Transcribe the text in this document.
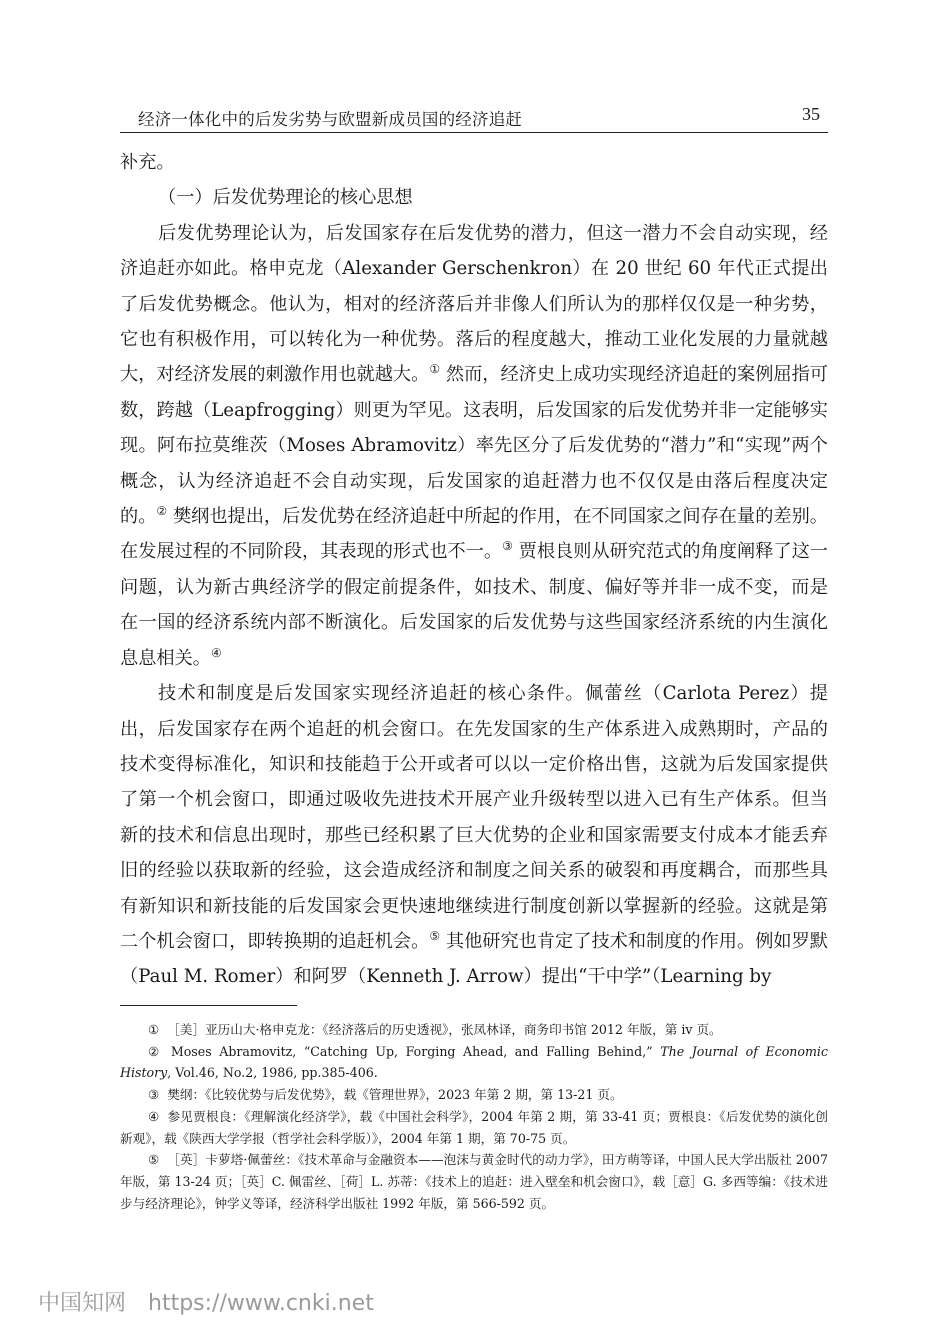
经济一体化中的后发劣势与欧盟新成员国的经济追赶	35

补充。

（一）后发优势理论的核心思想

后发优势理论认为，后发国家存在后发优势的潜力，但这一潜力不会自动实现，经济追赶亦如此。格申克龙（Alexander Gerschenkron）在 20 世纪 60 年代正式提出了后发优势概念。他认为，相对的经济落后并非像人们所认为的那样仅仅是一种劣势，它也有积极作用，可以转化为一种优势。落后的程度越大，推动工业化发展的力量就越大，对经济发展的刺激作用也就越大。① 然而，经济史上成功实现经济追赶的案例屈指可数，跨越（Leapfrogging）则更为罕见。这表明，后发国家的后发优势并非一定能够实现。阿布拉莫维茨（Moses Abramovitz）率先区分了后发优势的“潜力”和“实现”两个概念，认为经济追赶不会自动实现，后发国家的追赶潜力也不仅仅是由落后程度决定的。② 樊纲也提出，后发优势在经济追赶中所起的作用，在不同国家之间存在量的差别。在发展过程的不同阶段，其表现的形式也不一。③ 贾根良则从研究范式的角度阐释了这一问题，认为新古典经济学的假定前提条件，如技术、制度、偏好等并非一成不变，而是在一国的经济系统内部不断演化。后发国家的后发优势与这些国家经济系统的内生演化息息相关。④

技术和制度是后发国家实现经济追赶的核心条件。佩蕾丝（Carlota Perez）提出，后发国家存在两个追赶的机会窗口。在先发国家的生产体系进入成熟期时，产品的技术变得标准化，知识和技能趋于公开或者可以以一定价格出售，这就为后发国家提供了第一个机会窗口，即通过吸收先进技术开展产业升级转型以进入已有生产体系。但当新的技术和信息出现时，那些已经积累了巨大优势的企业和国家需要支付成本才能丢弃旧的经验以获取新的经验，这会造成经济和制度之间关系的破裂和再度耦合，而那些具有新知识和新技能的后发国家会更快速地继续进行制度创新以掌握新的经验。这就是第二个机会窗口，即转换期的追赶机会。⑤ 其他研究也肯定了技术和制度的作用。例如罗默（Paul M. Romer）和阿罗（Kenneth J. Arrow）提出“干中学”（Learning by

① ［美］亚历山大·格申克龙：《经济落后的历史透视》，张凤林译，商务印书馆 2012 年版，第 iv 页。

② Moses Abramovitz, “Catching Up, Forging Ahead, and Falling Behind,” The Journal of Economic History, Vol.46, No.2, 1986, pp.385-406.

③ 樊纲：《比较优势与后发优势》，载《管理世界》，2023 年第 2 期，第 13-21 页。

④ 参见贾根良：《理解演化经济学》，载《中国社会科学》，2004 年第 2 期，第 33-41 页；贾根良：《后发优势的演化创新观》，载《陕西大学学报（哲学社会科学版）》，2004 年第 1 期，第 70-75 页。

⑤ ［英］卡萝塔·佩蕾丝：《技术革命与金融资本——泡沫与黄金时代的动力学》，田方萌等译，中国人民大学出版社 2007 年版，第 13-24 页；［英］C. 佩雷丝、［荷］L. 苏蒂：《技术上的追赶：进入壁垒和机会窗口》，载［意］G. 多西等编：《技术进步与经济理论》，钟学义等译，经济科学出版社 1992 年版，第 566-592 页。

中国知网 https://www.cnki.net
